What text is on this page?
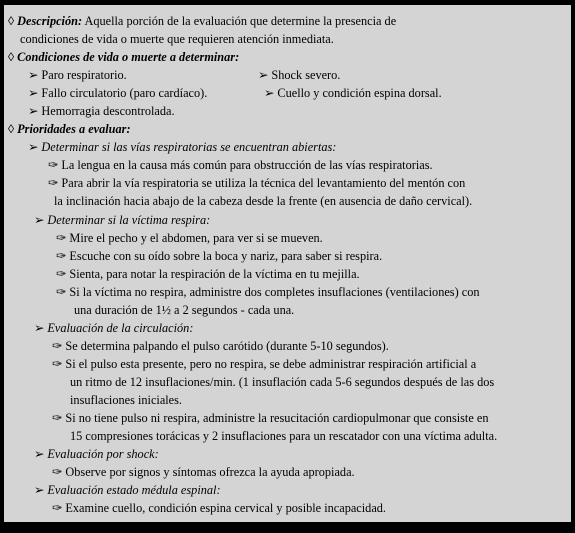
◊ Descripción: Aquella porción de la evaluación que determine la presencia de
condiciones de vida o muerte que requieren atención inmediata.
◊ Condiciones de vida o muerte a determinar:
➢ Paro respiratorio.	➢ Shock severo.
➢ Fallo circulatorio (paro cardíaco).	➢ Cuello y condición espina dorsal.
➢ Hemorragia descontrolada.
◊ Prioridades a evaluar:
➢ Determinar si las vías respiratorias se encuentran abiertas:
✑ La lengua en la causa más común para obstrucción de las vías respiratorias.
✑ Para abrir la vía respiratoria se utiliza la técnica del levantamiento del mentón con
la inclinación hacia abajo de la cabeza desde la frente (en ausencia de daño cervical).
➢ Determinar si la víctima respira:
✑ Mire el pecho y el abdomen, para ver si se mueven.
✑ Escuche con su oído sobre la boca y nariz, para saber si respira.
✑ Sienta, para notar la respiración de la víctima en tu mejilla.
✑ Si la víctima no respira, administre dos completes insuflaciones (ventilaciones) con
una duración de 1½ a 2 segundos - cada una.
➢ Evaluación de la circulación:
✑ Se determina palpando el pulso carótido (durante 5-10 segundos).
✑ Si el pulso esta presente, pero no respira, se debe administrar respiración artificial a
un ritmo de 12 insuflaciones/min. (1 insuflación cada 5-6 segundos después de las dos
insuflaciones iniciales.
✑ Si no tiene pulso ni respira, administre la resucitación cardiopulmonar que consiste en
15 compresiones torácicas y 2 insuflaciones para un rescatador con una víctima adulta.
➢ Evaluación por shock:
✑ Observe por signos y síntomas ofrezca la ayuda apropiada.
➢ Evaluación estado médula espinal:
✑ Examine cuello, condición espina cervical y posible incapacidad.
